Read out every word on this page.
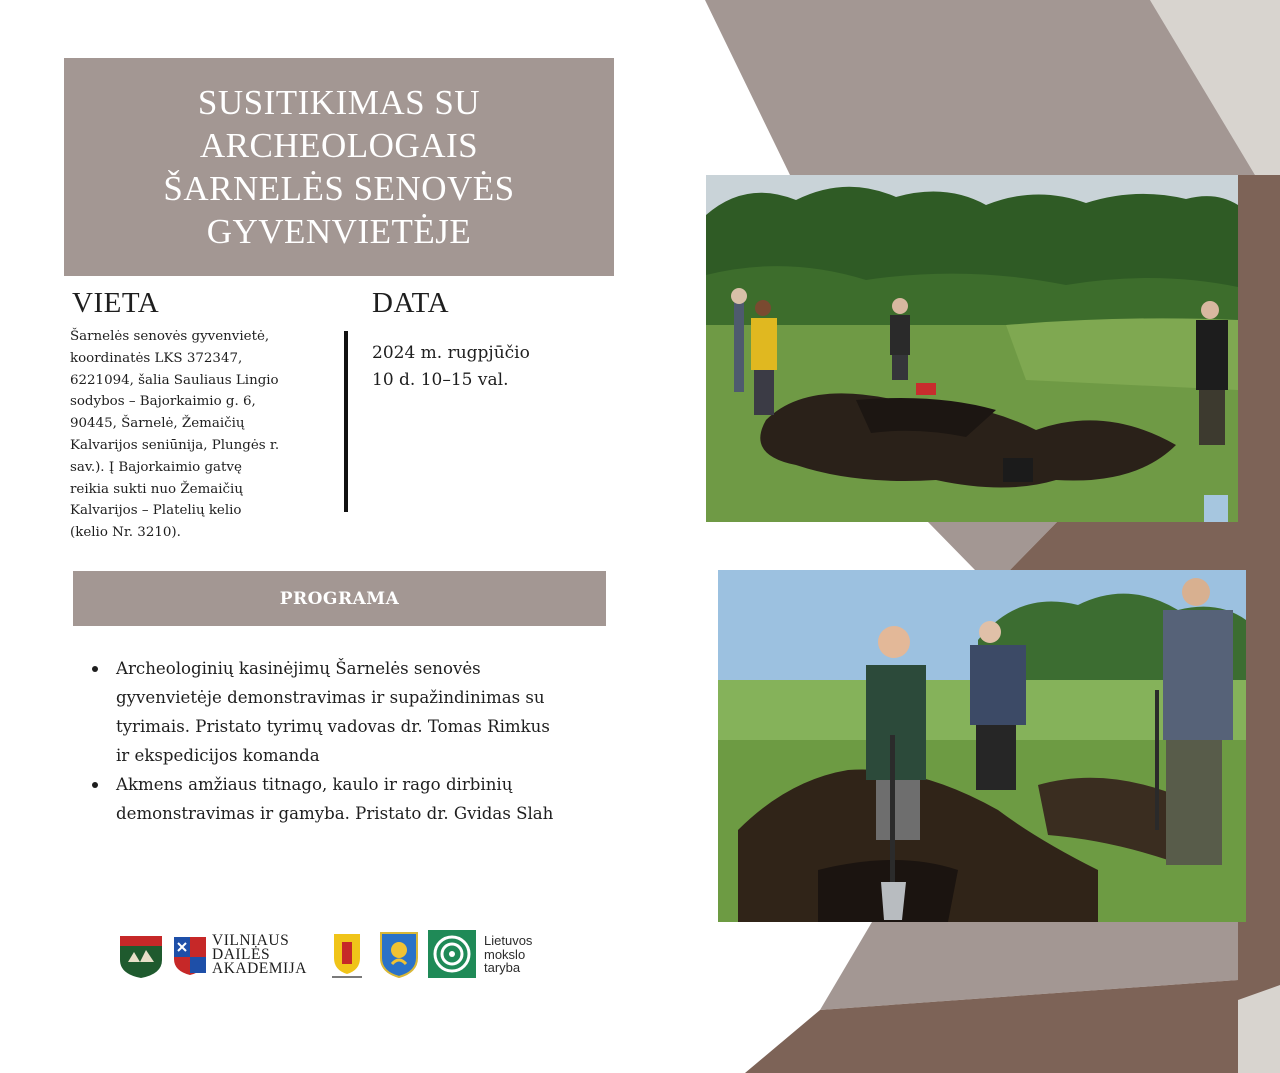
SUSITIKIMAS SU
ARCHEOLOGAIS
ŠARNELĖS SENOVĖS
GYVENVIETĖJE
VIETA
Šarnelės senovės gyvenvietė,
koordinatės LKS 372347,
6221094, šalia Sauliaus Lingio
sodybos – Bajorkaimio g. 6,
90445, Šarnelė, Žemaičių
Kalvarijos seniūnija, Plungės r.
sav.). Į Bajorkaimio gatvę
reikia sukti nuo Žemaičių
Kalvarijos – Platelių kelio
(kelio Nr. 3210).
DATA
2024 m. rugpjūčio
10 d. 10–15 val.
PROGRAMA
Archeologinių kasinėjimų Šarnelės senovės
gyvenvietėje demonstravimas ir supažindinimas su
tyrimais. Pristato tyrimų vadovas dr. Tomas Rimkus
ir ekspedicijos komanda
Akmens amžiaus titnago, kaulo ir rago dirbinių
demonstravimas ir gamyba. Pristato dr. Gvidas Slah
VILNIAUS
DAILĖS
AKADEMIJA
Lietuvos
mokslo
taryba
